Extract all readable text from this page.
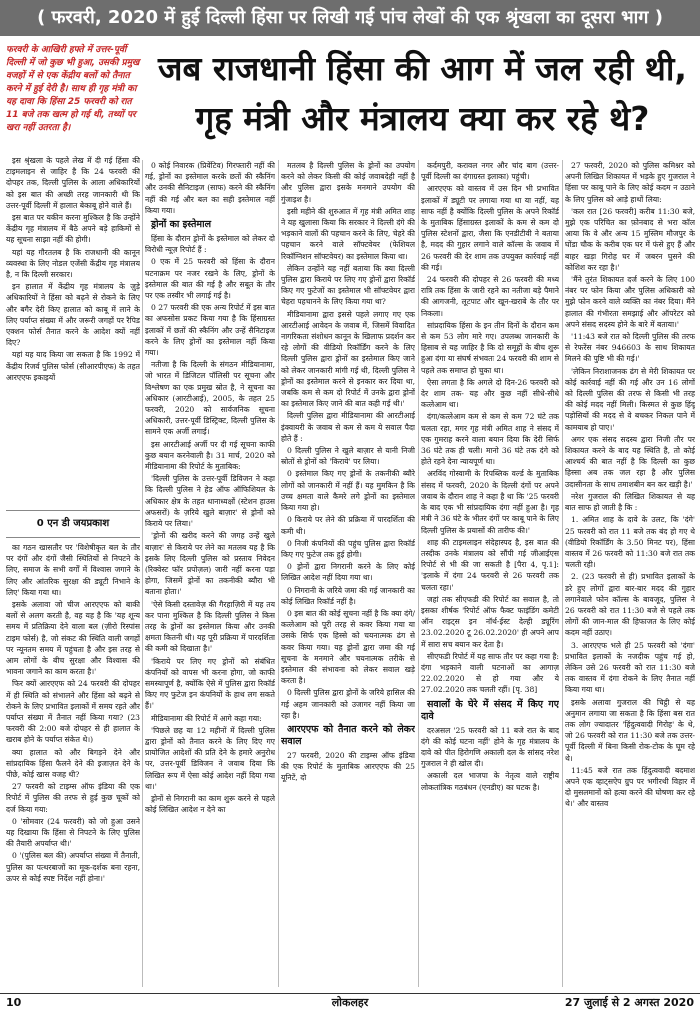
( फरवरी, 2020 में हुई दिल्ली हिंसा पर लिखी गई पांच लेखों की एक श्रृंखला का दूसरा भाग )
फरवरी के आखिरी हफ्ते में उत्तर-पूर्वी दिल्ली में जो कुछ भी हुआ, उसकी प्रमुख वजहों में से एक केंद्रीय बलों को तैनात करने में हुई देरी है। साथ ही गृह मंत्री का यह दावा कि हिंसा 25 फरवरी को रात 11 बजे तक खत्म हो गई थी, तथ्यों पर खरा नहीं उतरता है।
जब राजधानी हिंसा की आग में जल रही थी, गृह मंत्री और मंत्रालय क्या कर रहे थे?

इस श्रृंखला के पहले लेख में दी गई हिंसा की टाइमलाइन से जाहिर है कि 24 फरवरी की दोपहर तक, दिल्ली पुलिस के आला अधिकारियों को इस बात की अच्छी तरह जानकारी थी कि उत्तर-पूर्वी दिल्ली में हालात बेकाबू होने वाले हैं।

इस बात पर यकीन करना मुश्किल है कि उन्होंने केंद्रीय गृह मंत्रालय में बैठे अपने बड़े हाकिमों से यह सूचना साझा नहीं की होगी।

यहां यह गौरतलब है कि राजधानी की कानून व्यवस्था के लिए नोडल एजेंसी केंद्रीय गृह मंत्रालय है, न कि दिल्ली सरकार।

इन हालात में केंद्रीय गृह मंत्रालय के ज़ुड़े अधिकारियों ने हिंसा को बढ़ने से रोकने के लिए और बगैर देरी किए हालात को काबू में लाने के लिए पर्याप्त संख्या में और जरूरी जगहों पर रैपिड एक्शन फोर्स तैनात करने के आदेश क्यों नहीं दिए?

यहां यह याद किया जा सकता है कि 1992 में केंद्रीय रिजर्व पुलिस फोर्स (सीआरपीएफ) के तहत आरएएफ इकाइयों

0 एन डी जयप्रकाश

का गठन खासतौर पर 'विशेषीकृत बल के तौर पर दंगों और दंगों जैसी स्थितियों से निपटने के लिए, समाज के सभी वर्गों में विश्वास जगाने के लिए और आंतरिक सुरक्षा की ड्यूटी निभाने के लिए' किया गया था।

इसके अलावा जो चीज आरएएफ को बाकी बलों से अलग करती है, वह यह है कि 'यह शून्य समय में प्रतिक्रिया देने वाला बल (ज़ीरो रिस्पांस टाइम फोर्स) है, जो संकट की स्थिति वाली जगहों पर न्यूनतम समय में पहुंचता है और इस तरह से आम लोगों के बीच सुरक्षा और विश्वास की भावना जगाने का काम करता है।'

फिर क्यों आरएएफ को 24 फरवरी की दोपहर में ही स्थिति को संभालने और हिंसा को बढ़ने से रोकने के लिए प्रभावित इलाकों में समय रहते और पर्याप्त संख्या में तैनात नहीं किया गया? (23 फरवरी की 2:00 बजे दोपहर से ही हालात के खराब होने के पर्याप्त संकेत थे।)

क्या हालात को और बिगड़ने देने और सांप्रदायिक हिंसा फैलने देने की इजाज़त देने के पीछे, कोई खास वजह थी?

27 फरवरी को टाइम्स ऑफ इंडिया की एक रिपोर्ट में पुलिस की तरफ से हुई कुछ चूकों को दर्ज किया गया:

0 'सोमवार (24 फरवरी) को जो हुआ उसने यह दिखाया कि हिंसा से निपटने के लिए पुलिस की तैयारी अपर्याप्त थी।'

0 '(पुलिस बल की) अपर्याप्त संख्या में तैनाती, पुलिस का पत्थरबाजों का मूक-दर्शक बना रहना, ऊपर से कोई स्पष्ट निर्देश नहीं होना।'

0 कोई निवारक (प्रिवेंटिव) गिरफ्तारी नहीं की गई, ड्रोनों का इस्तेमाल करके छतों की स्कैनिंग और उनकी सैनिटाइज (साफ) करने की स्कैनिंग नहीं की गई और बल का सही इस्तेमाल नहीं किया गया।

ड्रोनों का इस्तेमाल

हिंसा के दौरान ड्रोनों के इस्तेमाल को लेकर दो विरोधी न्यूज़ रिपोर्ट हैं :

0 एक में 25 फरवरी को हिंसा के दौरान घटनाक्रम पर नजर रखने के लिए, ड्रोनों के इस्तेमाल की बात की गई है और सबूत के तौर पर एक तस्वीर भी लगाई गई है।

0 27 फरवरी की एक अन्य रिपोर्ट में इस बात का अफसोस प्रकट किया गया है कि हिंसाग्रस्त इलाकों में छतों की स्कैनिंग और उन्हें सैनिटाइज करने के लिए ड्रोनों का इस्तेमाल नहीं किया गया।

नतीजा है कि दिल्ली के संगठन मीडियानामा, जो भारत में डिजिटल पॉलिसी पर सूचना और विश्लेषण का एक प्रमुख स्रोत है, ने सूचना का अधिकार (आरटीआई), 2005, के तहत 25 फरवरी, 2020 को सार्वजनिक सूचना अधिकारी, उत्तर-पूर्वी डिस्ट्रिक्ट, दिल्ली पुलिस के सामने एक अर्जी लगाई।

इस आरटीआई अर्जी पर दी गई सूचना काफी कुछ बयान करनेवाली है। 31 मार्च, 2020 को मीडियानामा की रिपोर्ट के मुताबिक:

'दिल्ली पुलिस के उत्तर-पूर्वी डिविजन ने कहा कि दिल्ली पुलिस ने हेड ऑफ ऑफिशियल के अधिकार क्षेत्र के तहत थानाध्यक्षों (स्टेशन हाउस अफसरों) के ज़रिये खुले बाज़ार' से ड्रोनों को किराये पर लिया।'

'ड्रोनों की खरीद करने की जगह उन्हें खुले बाज़ार' से किराये पर लेने का मतलब यह है कि इसके लिए दिल्ली पुलिस को प्रस्ताव निवेदन (रिक्वेस्ट फॉर प्रपोज़ल) जारी नहीं करना पड़ा होगा, जिसमें ड्रोनों का तकनीकी ब्यौरा भी बताना होता।'

'ऐसे किसी दस्तावेज़ की गैरहाज़िरी में यह तय कर पाना मुश्किल है कि दिल्ली पुलिस ने किस तरह के ड्रोनों का इस्तेमाल किया और उनकी क्षमता कितनी थी। यह पूरी प्रक्रिया में पारदर्शिता की कमी को दिखाता है।'

'किराये पर लिए गए ड्रोनों को संबंधित कंपनियों को वापस भी करना होगा, जो काफी समस्यापूर्ण है, क्योंकि ऐसे में पुलिस द्वारा रिकॉर्ड किए गए फुटेज इन कंपनियों के हाथ लग सकते हैं।'

मीडियानामा की रिपोर्ट में आगे कहा गया:

'पिछले छह या 12 महीनों में दिल्ली पुलिस द्वारा ड्रोनों को तैनात करने के लिए दिए गए प्रायोजित आदेशों की प्रति देने के हमारे अनुरोध पर, उत्तर-पूर्वी डिविजन ने जवाब दिया कि लिखित रूप में ऐसा कोई आदेश नहीं दिया गया था।'

ड्रोनों से निगरानी का काम शुरू करने से पहले कोई लिखित आदेश न देने का

मतलब है दिल्ली पुलिस के ड्रोनों का उपयोग करने को लेकर किसी की कोई जवाबदेही नहीं है और पुलिस द्वारा इसके मनमाने उपयोग की गुंजाइश है।

इसी महीने की शुरुआत में गृह मंत्री अमित शाह ने यह खुलासा किया कि सरकार ने दिल्ली दंगे की भड़काने वालों की पहचान करने के लिए, चेहरे की पहचान करने वाले सॉफ्टवेयर (फेशियल रिकॉग्निशन सॉफ्टवेयर) का इस्तेमाल किया था।

लेकिन उन्होंने यह नहीं बताया कि क्या दिल्ली पुलिस द्वारा किराये पर लिए गए ड्रोनों द्वारा रिकॉर्ड किए गए फुटेजों का इस्तेमाल भी सॉफ्टवेयर द्वारा चेहरा पहचानने के लिए किया गया था?

मीडियानामा द्वारा इससे पहले लगाए गए एक आरटीआई आवेदन के जवाब में, जिसमें विवादित नागरिकता संशोधन कानून के खिलाफ प्रदर्शन कर रहे लोगों की वीडियो रिकॉर्डिंग करने के लिए दिल्ली पुलिस द्वारा ड्रोनों का इस्तेमाल किए जाने को लेकर जानकारी मांगी गई थी, दिल्ली पुलिस ने ड्रोनों का इस्तेमाल करने से इनकार कर दिया था, जबकि कम से कम दो रिपोर्ट में उनके द्वारा ड्रोनों का इस्तेमाल किए जाने की बात कही गई थी।'

दिल्ली पुलिस द्वारा मीडियानामा की आरटीआई इंक्वायरी के जवाब से कम से कम ये सवाल पैदा होते हैं :

0 दिल्ली पुलिस ने खुले बाज़ार से यानी निजी स्रोतों से ड्रोनों को 'किराये' पर लिया।

0 इस्तेमाल किए गए ड्रोनों के तकनीकी ब्यौरे लोगों को जानकारी में नहीं हैं। यह मुमकिन है कि उच्च क्षमता वाले कैमरे लगे ड्रोनों का इस्तेमाल किया गया हो।

0 किराये पर लेने की प्रक्रिया में पारदर्शिता की कमी थी।

0 निजी कंपनियों की पहुंच पुलिस द्वारा रिकॉर्ड किए गए फुटेज तक हुई होगी।

0 ड्रोनों द्वारा निगरानी करने के लिए कोई लिखित आदेश नहीं दिया गया था।

0 निगरानी के जरिये जमा की गई जानकारी का कोई लिखित रिकॉर्ड नहीं है।

0 इस बात की कोई सूचना नहीं है कि क्या दंगे/कत्लेआम को पूरी तरह से कवर किया गया या उसके सिर्फ एक हिस्से को चयनात्मक ढंग से कवर किया गया। यह ड्रोनों द्वारा जमा की गई सूचना के मनमाने और चयनात्मक तरीके से इस्तेमाल की संभावना को लेकर सवाल खड़े करता है।

0 दिल्ली पुलिस द्वारा ड्रोनों के जरिये हासिल की गई अहम जानकारी को उजागर नहीं किया जा रहा है।

आरएएफ को तैनात करने को लेकर सवाल

27 फरवरी, 2020 की टाइम्स ऑफ इंडिया की एक रिपोर्ट के मुताबिक आरएएफ की 25 यूनिटें, दो

कर्दमपुरी, करावल नगर और चांद बाग (उत्तर-पूर्वी दिल्ली का दंगाग्रस्त इलाका) पहुंची।

आरएएफ को वास्तव में उस दिन भी प्रभावित इलाकों में ड्यूटी पर लगाया गया था या नहीं, यह साफ नहीं है क्योंकि दिल्ली पुलिस के अपने रिकॉर्ड के मुताबिक हिंसाग्रस्त इलाकों के कम से कम दो पुलिस स्टेशनों द्वारा, जैसा कि एनडीटीवी ने बताया है, मदद की गुहार लगाने वाले कॉल्स के जवाब में 26 फरवरी की देर शाम तक उपयुक्त कार्रवाई नहीं की गई।

24 फरवरी की दोपहर से 26 फरवरी की मध्य रात्रि तक हिंसा के जारी रहने का नतीजा बड़े पैमाने की आगजनी, लूटपाट और खून-खराबे के तौर पर निकला।

सांप्रदायिक हिंसा के इन तीन दिनों के दौरान कम से कम 53 लोग मारे गए। उपलब्ध जानकारी के हिसाब से यह जाहिर है कि दो समूहों के बीच शुरू हुआ दंगा या संघर्ष संभवतः 24 फरवरी की शाम से पहले तक समाप्त हो चुका था।

ऐसा लगता है कि अगले दो दिन-26 फरवरी को देर शाम तक- यह और कुछ नहीं सीधे-सीधे कत्लेआम था।

दंगा/कत्लेआम कम से कम से कम 72 घंटे तक चलता रहा, मगर गृह मंत्री अमित शाह ने संसद में एक गुमराह करने वाला बयान दिया कि देरी सिर्फ 36 घंटे तक ही चली। मानो 36 घंटे तक दंगे को होते रहने देना न्यायपूर्ण था।

अरविंद गोस्वामी के रिपब्लिक वर्ल्ड के मुताबिक संसद में फरवरी, 2020 के दिल्ली दंगों पर अपने जवाब के दौरान शाह ने कहा है था कि '25 फरवरी के बाद एक भी सांप्रदायिक दंगा नहीं हुआ है। गृह मंत्री ने 36 घंटे के भीतर दंगों पर काबू पाने के लिए दिल्ली पुलिस के प्रयासों की तारीफ की।'

शाह की टाइमलाइन संदेहास्पद है, इस बात की तस्दीक उनके मंत्रालय को सौंपी गई जीआईएस रिपोर्ट से भी की जा सकती है [पैरा 4, पृ.1]: 'इलाके में दंगा 24 फरवरी से 26 फरवरी तक चलता रहा।'

जहां तक सीएफडी की रिपोर्ट का सवाल है, तो इसका शीर्षक 'रिपोर्ट ऑफ फैक्ट फाइंडिंग कमेटी ऑन राइट्स इन नॉर्थ-ईस्ट देल्ही ड्यूरिंग 23.02.2020 टू 26.02.2020' ही अपने आप में सारा सच बयान कर देता है।

सीएफडी रिपोर्ट में यह साफ तौर पर कहा गया है: दंगा भड़काने वाली घटनाओं का आगाज़ 22.02.2020 से हो गया और ये 27.02.2020 तक चलती रहीं। [पृ. 38]

सवालों के घेरे में संसद में किए गए दावे

दरअसल '25 फरवरी को 11 बजे रात के बाद दंगे की कोई घटना नहीं' होने के गृह मंत्रालय के दावे को पीत हिरोगणि अकाली दल के सांसद नरेश गुजराल ने ही खोल दी।

अकाली दल भाजपा के नेतृत्व वाले राष्ट्रीय लोकतांत्रिक गठबंधन (एनडीए) का घटक है।

27 फरवरी, 2020 को पुलिस कमिश्नर को अपनी लिखित शिकायत में भड़के हुए गुजराल ने हिंसा पर काबू पाने के लिए कोई कदम न उठाने के लिए पुलिस को आड़े हाथों लिया:

'कल रात [26 फरवरी] करीब 11:30 बजे, मुझे एक परिचित का फ़ोनबाद से भरा कॉल आया कि वे और अन्य 15 मुस्लिम मौजपुर के घोंडा चौक के करीब एक घर में फंसे हुए हैं और बाहर खड़ा गिरोह घर में जबरन घुसने की कोशिश कर रहा है।'

'मैंने तुरंत शिकायत दर्ज करने के लिए 100 नंबर पर फोन किया और पुलिस अधिकारी को मुझे फोन करने वाले व्यक्ति का नंबर दिया। मैंने हालात की गंभीरता समझाई और ऑपरेटर को अपने संसद सदस्य होने के बारे में बताया।'

'11:43 बजे रात को दिल्ली पुलिस की तरफ से रेफरेंस नंबर 946603 के साथ शिकायत मिलने की पुष्टि भी की गई।'

'लेकिन निराशाजनक ढंग से मेरी शिकायत पर कोई कार्रवाई नहीं की गई और उन 16 लोगों को दिल्ली पुलिस की तरफ से किसी भी तरह की कोई मदद नहीं मिली। किस्मत से कुछ हिंदू पड़ोसियों की मदद से वे बचकर निकल पाने में कामयाब हो पाए।'

अगर एक संसद सदस्य द्वारा निजी तौर पर शिकायत करने के बाद यह स्थिति है, तो कोई आश्चर्य की बात नहीं है कि दिल्ली का कुछ हिस्सा अब तक जल रहा है और पुलिस उदासीनता के साथ तमाशबीन बन कर खड़ी है।'

नरेश गुजराल की लिखित शिकायत से यह बात साफ हो जाती है कि :

1. अमित शाह के दावे के उलट, कि 'दंगे' 25 फरवरी को रात 11 बजे तक बंद हो गए थे (वीडियो रिकॉर्डिंग के 3.50 मिनट पर), हिंसा वास्तव में 26 फरवरी को 11:30 बजे रात तक चलती रही।

2. (23 फरवरी से ही) प्रभावित इलाकों के डरे हुए लोगों द्वारा बार-बार मदद की गुहार लगानेवाले फोन कॉल्स के बावजूद, पुलिस ने 26 फरवरी को रात 11:30 बजे से पहले तक लोगों की जान-माल की हिफाजत के लिए कोई कदम नहीं उठाए।

3. आरएएफ भले ही 25 फरवरी को 'दंगा' प्रभावित इलाकों के नजदीक पहुंच गई हो, लेकिन उसे 26 फरवरी को रात 11:30 बजे तक वास्तव में दंगा रोकने के लिए तैनात नहीं किया गया था।

इसके अलावा गुजराल की चिट्ठी से यह अनुमान लगाया जा सकता है कि हिंसा बस रात तक लोग ज्यादातर 'हिंदुत्ववादी गिरोह' के थे, जो 26 फरवरी को रात 11:30 बजे तक उत्तर-पूर्वी दिल्ली में बिना किसी रोक-टोक के घूम रहे थे।

11:45 बजे रात तक हिंदुत्ववादी बदमाश अपने एक व्हाट्सऐप ग्रुप पर भगीरथी विहार में दो मुसलमानों को हत्या करने की घोषणा कर रहे थे।' और वास्तव

10	लोकलहर	27 जुलाई से 2 अगस्त 2020
